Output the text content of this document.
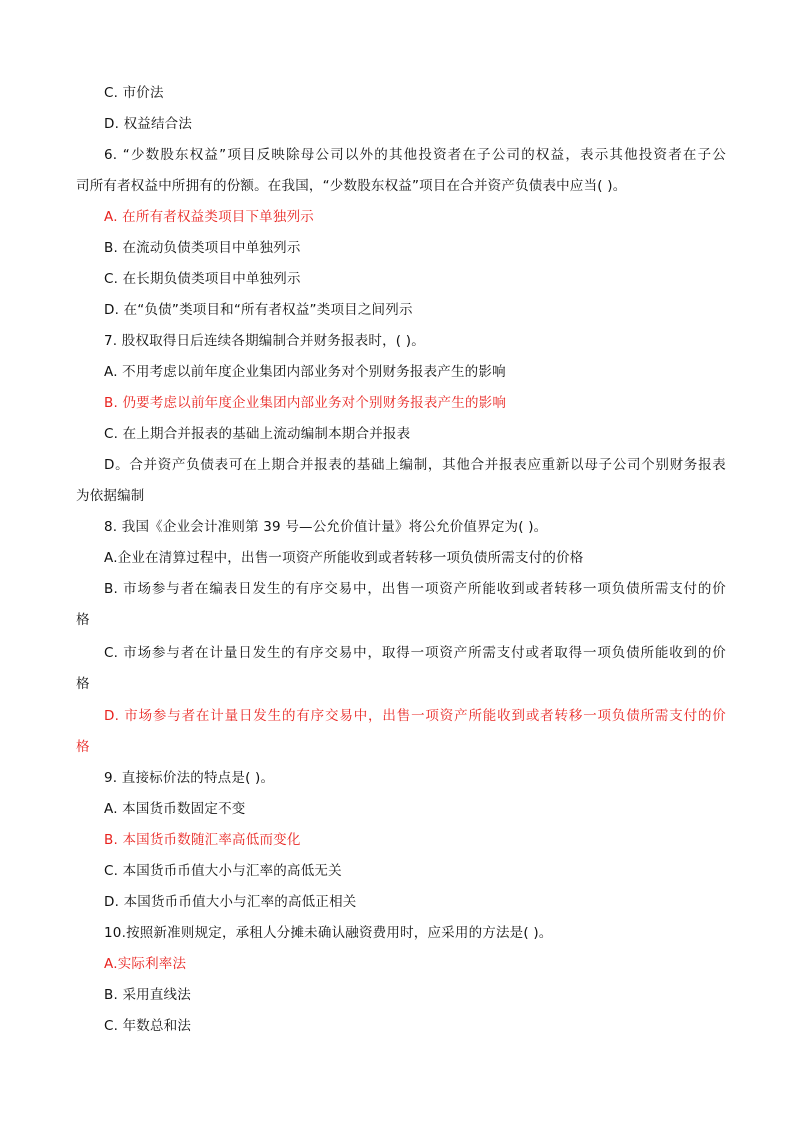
C. 市价法
D. 权益结合法
6. “少数股东权益”项目反映除母公司以外的其他投资者在子公司的权益，表示其他投资者在子公
司所有者权益中所拥有的份额。在我国，“少数股东权益”项目在合并资产负债表中应当( )。
A. 在所有者权益类项目下单独列示
B. 在流动负债类项目中单独列示
C. 在长期负债类项目中单独列示
D. 在“负债”类项目和“所有者权益”类项目之间列示
7. 股权取得日后连续各期编制合并财务报表时，( )。
A. 不用考虑以前年度企业集团内部业务对个别财务报表产生的影响
B. 仍要考虑以前年度企业集团内部业务对个别财务报表产生的影响
C. 在上期合并报表的基础上流动编制本期合并报表
D。合并资产负债表可在上期合并报表的基础上编制，其他合并报表应重新以母子公司个别财务报表
为依据编制
8. 我国《企业会计准则第 39 号—公允价值计量》将公允价值界定为( )。
A.企业在清算过程中，出售一项资产所能收到或者转移一项负债所需支付的价格
B. 市场参与者在编表日发生的有序交易中，出售一项资产所能收到或者转移一项负债所需支付的价
格
C. 市场参与者在计量日发生的有序交易中，取得一项资产所需支付或者取得一项负债所能收到的价
格
D. 市场参与者在计量日发生的有序交易中，出售一项资产所能收到或者转移一项负债所需支付的价
格
9. 直接标价法的特点是( )。
A. 本国货币数固定不变
B. 本国货币数随汇率高低而变化
C. 本国货币币值大小与汇率的高低无关
D. 本国货币币值大小与汇率的高低正相关
10.按照新准则规定，承租人分摊未确认融资费用时，应采用的方法是( )。
A.实际利率法
B. 采用直线法
C. 年数总和法
